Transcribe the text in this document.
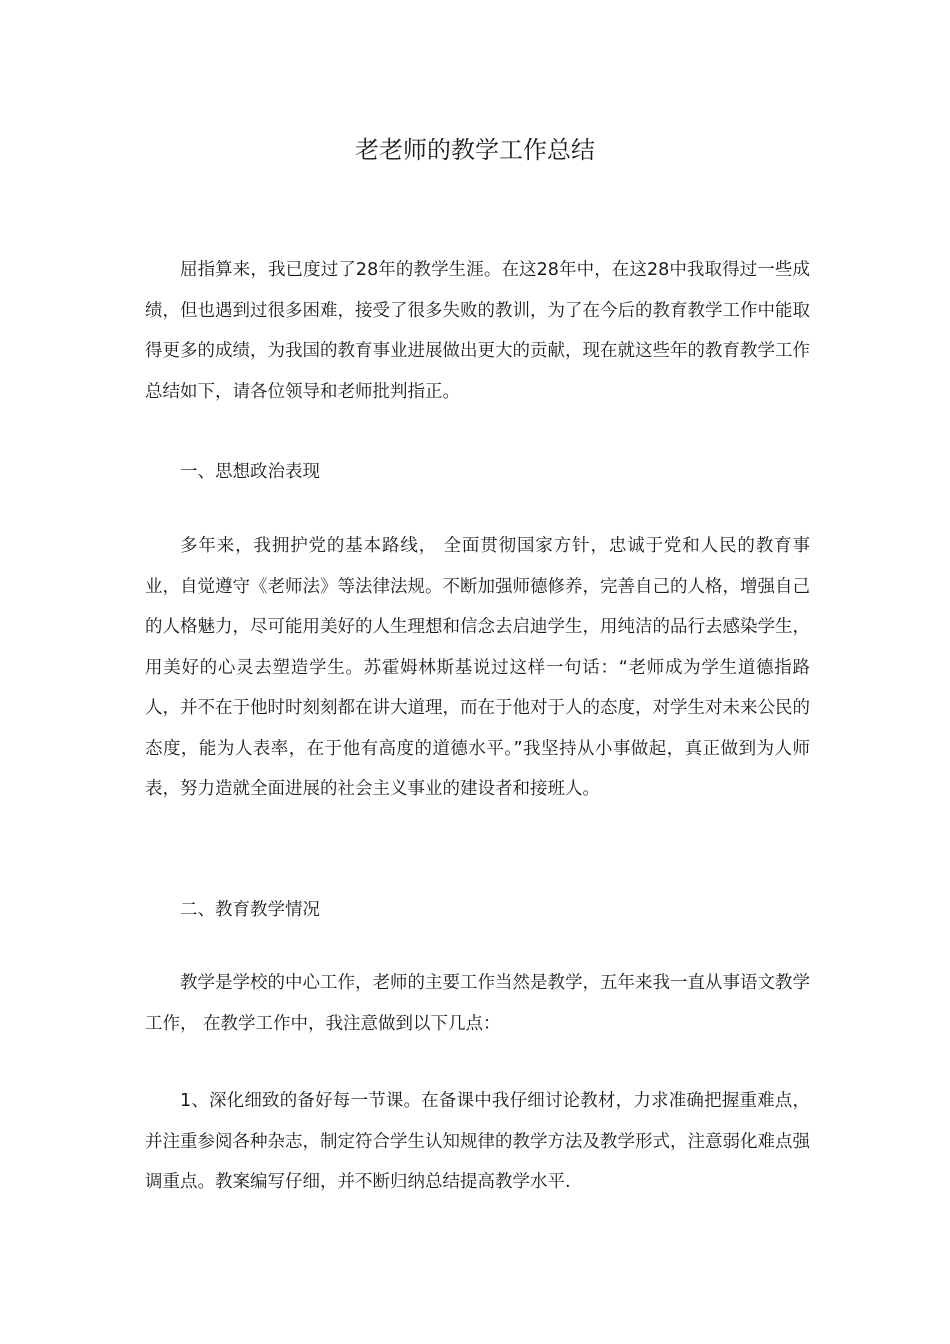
老老师的教学工作总结

屈指算来，我已度过了28年的教学生涯。在这28年中，在这28中我取得过一些成绩，但也遇到过很多困难，接受了很多失败的教训，为了在今后的教育教学工作中能取得更多的成绩，为我国的教育事业进展做出更大的贡献，现在就这些年的教育教学工作总结如下，请各位领导和老师批判指正。

一、思想政治表现

多年来，我拥护党的基本路线， 全面贯彻国家方针，忠诚于党和人民的教育事业，自觉遵守《老师法》等法律法规。不断加强师德修养，完善自己的人格，增强自己的人格魅力，尽可能用美好的人生理想和信念去启迪学生，用纯洁的品行去感染学生，用美好的心灵去塑造学生。苏霍姆林斯基说过这样一句话：“老师成为学生道德指路人，并不在于他时时刻刻都在讲大道理，而在于他对于人的态度，对学生对未来公民的态度，能为人表率，在于他有高度的道德水平。”我坚持从小事做起，真正做到为人师表，努力造就全面进展的社会主义事业的建设者和接班人。

二、教育教学情况

教学是学校的中心工作，老师的主要工作当然是教学，五年来我一直从事语文教学工作， 在教学工作中，我注意做到以下几点：

1、深化细致的备好每一节课。在备课中我仔细讨论教材，力求准确把握重难点，并注重参阅各种杂志，制定符合学生认知规律的教学方法及教学形式，注意弱化难点强调重点。教案编写仔细，并不断归纳总结提高教学水平.
